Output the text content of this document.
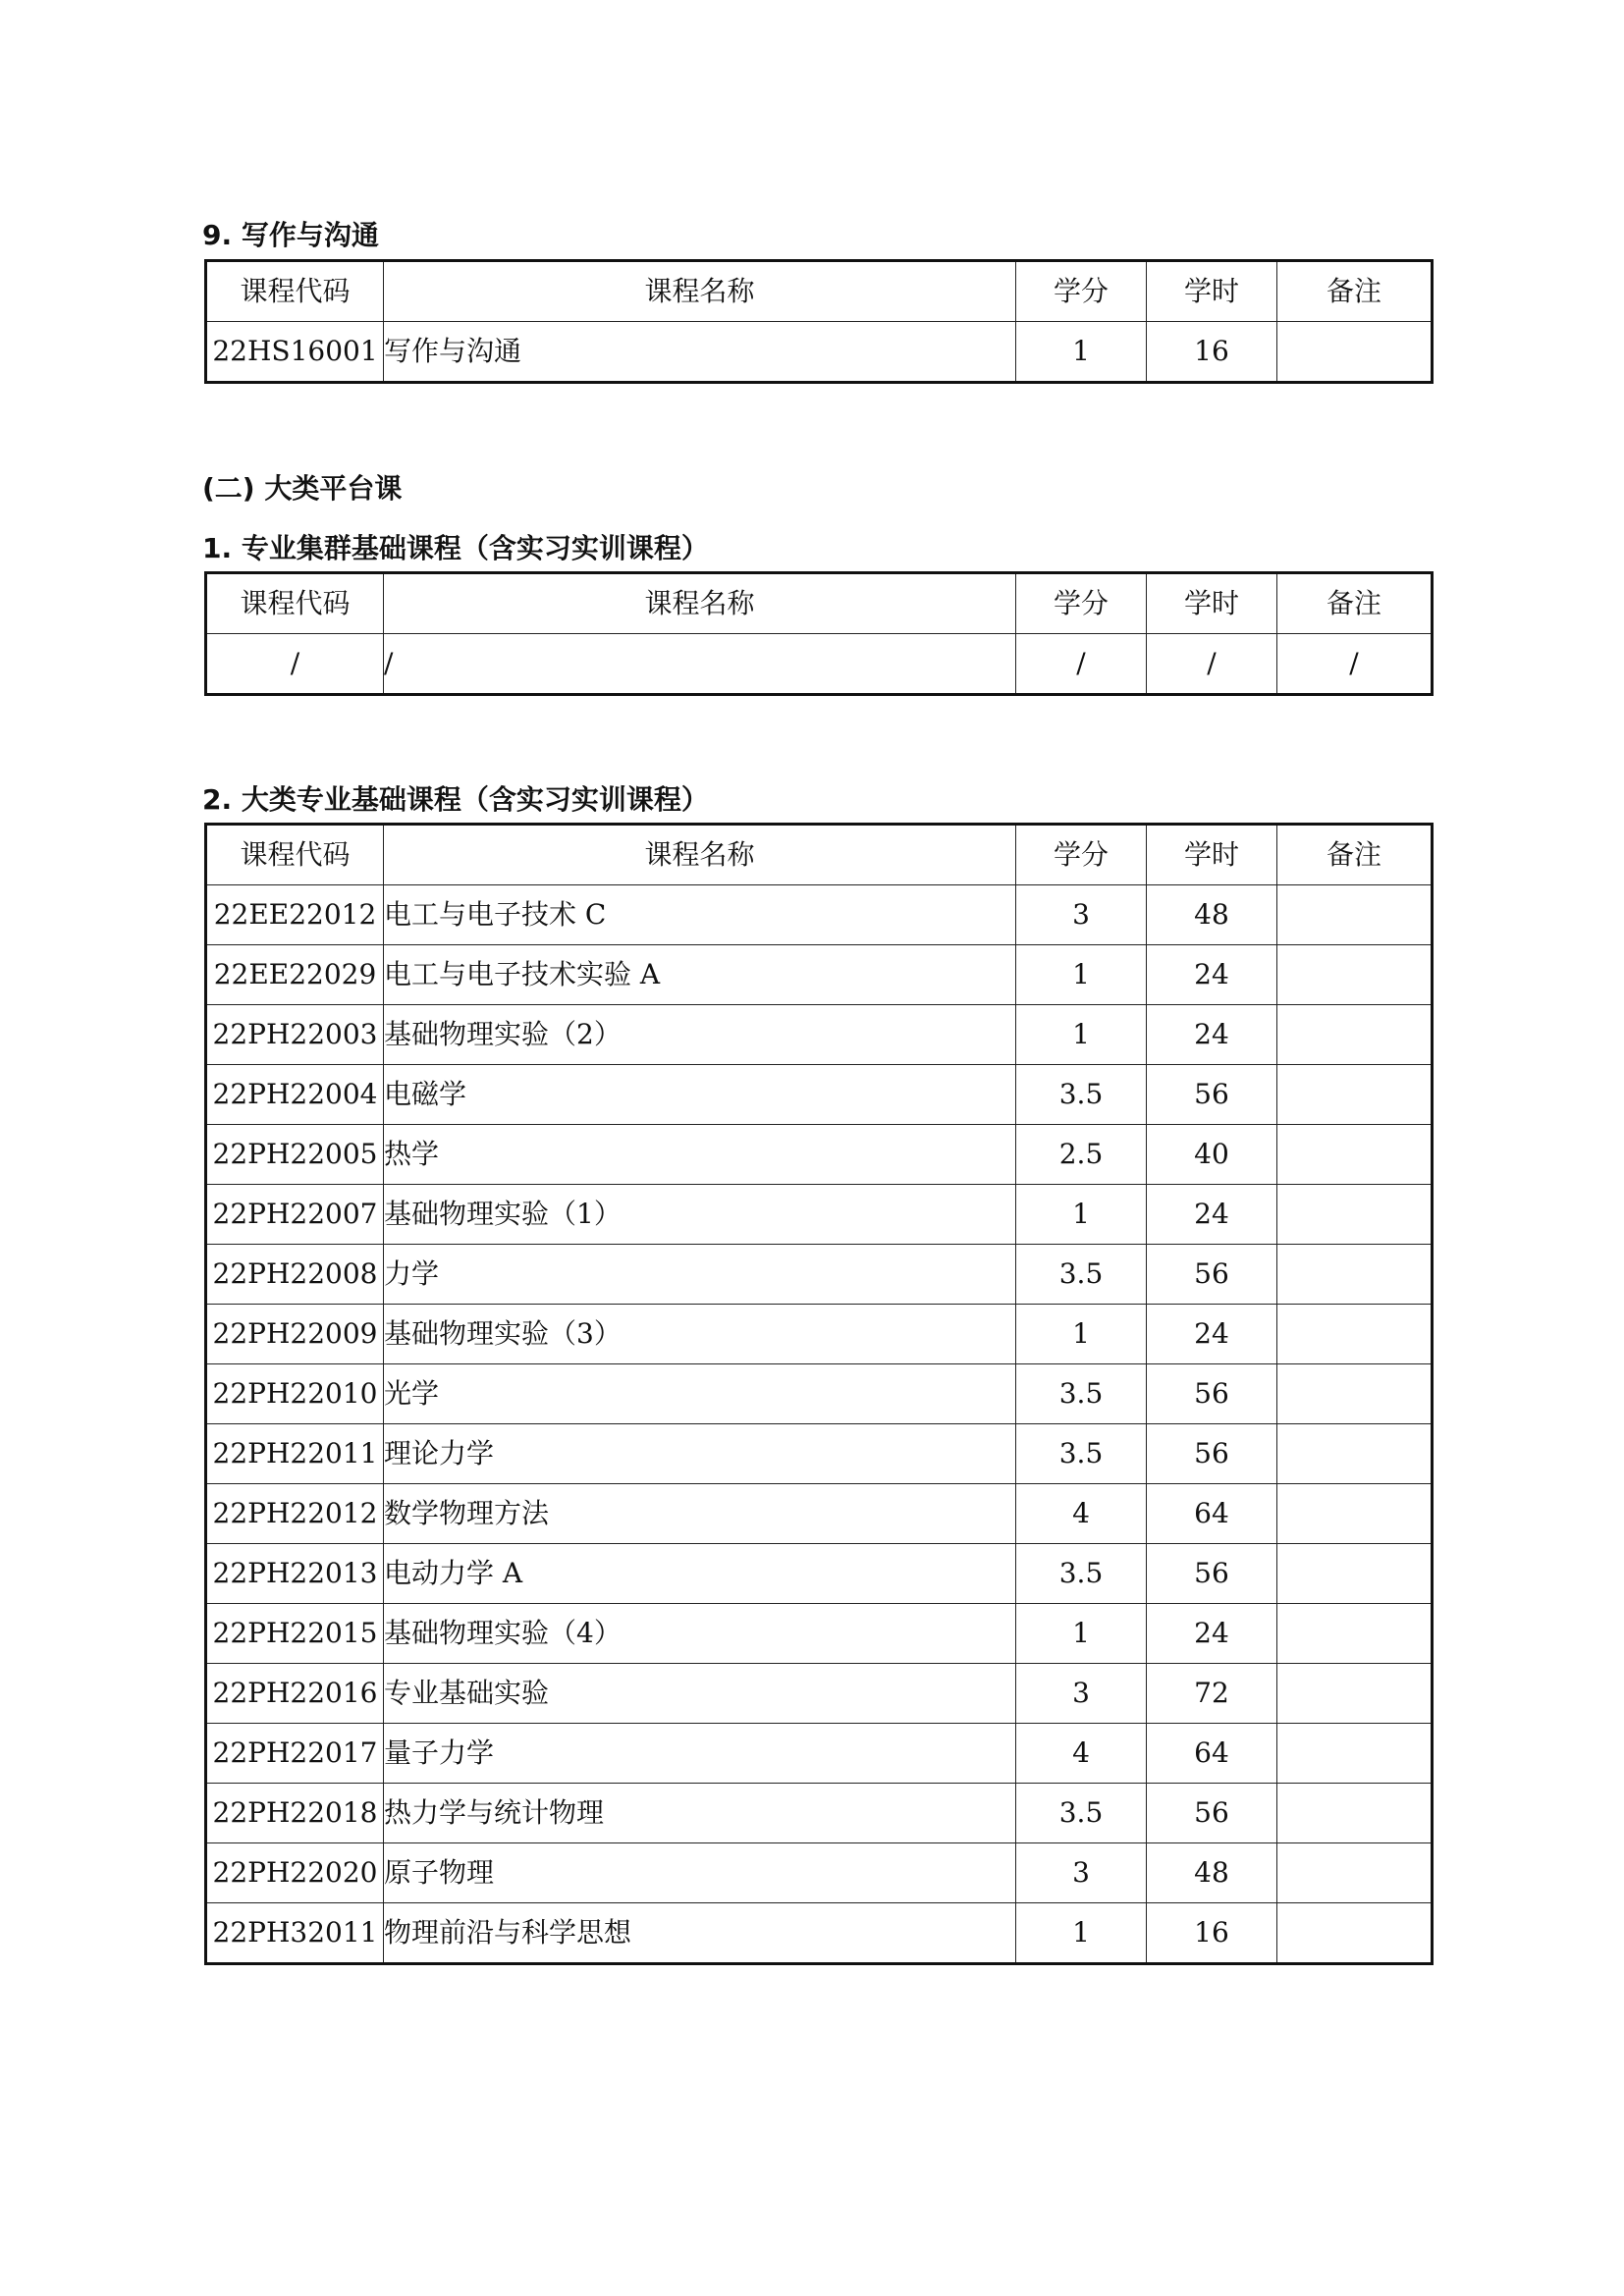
9. 写作与沟通
课程代码	课程名称	学分	学时	备注
22HS16001	写作与沟通	1	16	
(二) 大类平台课
1. 专业集群基础课程（含实习实训课程）
课程代码	课程名称	学分	学时	备注
/	/	/	/	/
2. 大类专业基础课程（含实习实训课程）
课程代码	课程名称	学分	学时	备注
22EE22012	电工与电子技术 C	3	48	
22EE22029	电工与电子技术实验 A	1	24	
22PH22003	基础物理实验（2）	1	24	
22PH22004	电磁学	3.5	56	
22PH22005	热学	2.5	40	
22PH22007	基础物理实验（1）	1	24	
22PH22008	力学	3.5	56	
22PH22009	基础物理实验（3）	1	24	
22PH22010	光学	3.5	56	
22PH22011	理论力学	3.5	56	
22PH22012	数学物理方法	4	64	
22PH22013	电动力学 A	3.5	56	
22PH22015	基础物理实验（4）	1	24	
22PH22016	专业基础实验	3	72	
22PH22017	量子力学	4	64	
22PH22018	热力学与统计物理	3.5	56	
22PH22020	原子物理	3	48	
22PH32011	物理前沿与科学思想	1	16	
